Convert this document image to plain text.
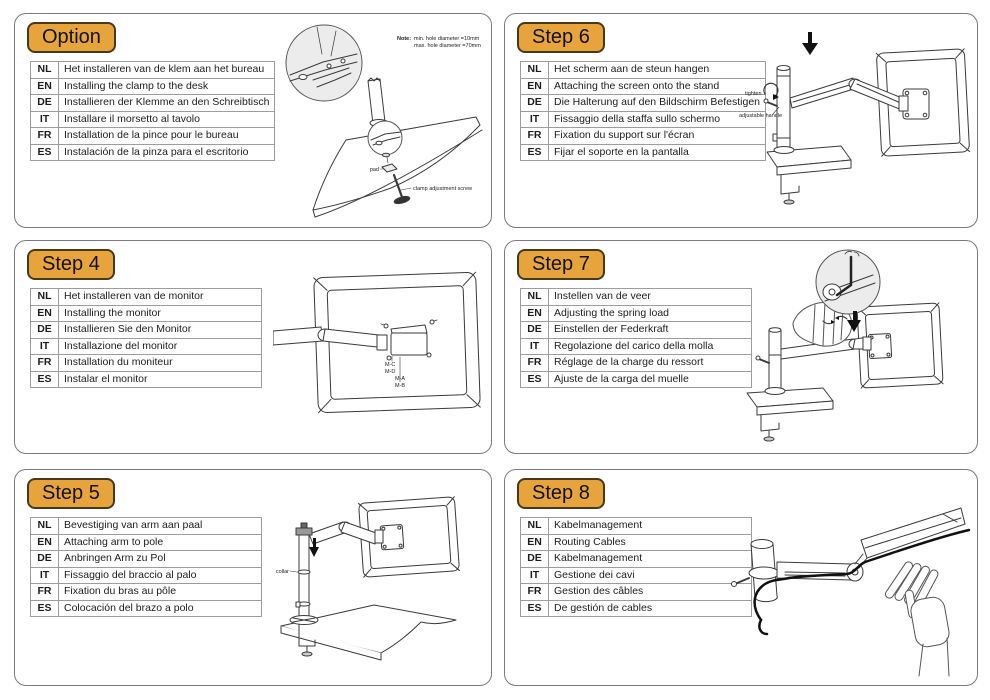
Option
NL	Het installeren van de klem aan het bureau
EN	Installing the clamp to the desk
DE	Installieren der Klemme an den Schreibtisch
IT	Installare il morsetto al tavolo
FR	Installation de la pince pour le bureau
ES	Instalación de la pinza para el escritorio
Note: min. hole diameter =10mm
max. hole diameter =70mm
pad
clamp adjustment screw
Step 6
NL	Het scherm aan de steun hangen
EN	Attaching the screen onto the stand
DE	Die Halterung auf den Bildschirm Befestigen
IT	Fissaggio della staffa sullo schermo
FR	Fixation du support sur l'écran
ES	Fijar el soporte en la pantalla
tighten
adjustable handle
Step 4
NL	Het installeren van de monitor
EN	Installing the monitor
DE	Installieren Sie den Monitor
IT	Installazione del monitor
FR	Installation du moniteur
ES	Instalar el monitor
M-C
M-D
M-A
M-B
Step 7
NL	Instellen van de veer
EN	Adjusting the spring load
DE	Einstellen der Federkraft
IT	Regolazione del carico della molla
FR	Réglage de la charge du ressort
ES	Ajuste de la carga del muelle
Step 5
NL	Bevestiging van arm aan paal
EN	Attaching arm to pole
DE	Anbringen Arm zu Pol
IT	Fissaggio del braccio al palo
FR	Fixation du bras au pôle
ES	Colocación del brazo a polo
collar
Step 8
NL	Kabelmanagement
EN	Routing Cables
DE	Kabelmanagement
IT	Gestione dei cavi
FR	Gestion des câbles
ES	De gestión de cables
